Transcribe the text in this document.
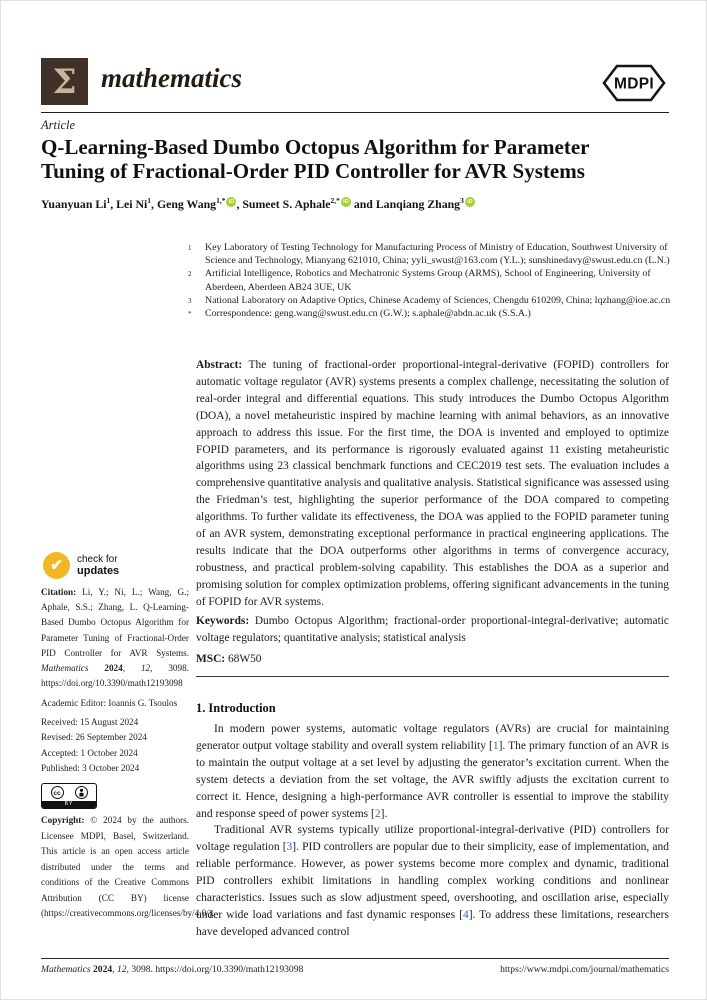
Σ mathematics	MDPI
Article
Q-Learning-Based Dumbo Octopus Algorithm for Parameter
Tuning of Fractional-Order PID Controller for AVR Systems
Yuanyuan Li$^1$, Lei Ni$^1$, Geng Wang$^{1,*}$ iD , Sumeet S. Aphale$^{2,*}$ iD and Lanqiang Zhang$^3$ iD
1	Key Laboratory of Testing Technology for Manufacturing Process of Ministry of Education, Southwest University of Science and Technology, Mianyang 621010, China; yyli_swust@163.com (Y.L.); sunshinedavy@swust.edu.cn (L.N.)
2	Artificial Intelligence, Robotics and Mechatronic Systems Group (ARMS), School of Engineering, University of Aberdeen, Aberdeen AB24 3UE, UK
3	National Laboratory on Adaptive Optics, Chinese Academy of Sciences, Chengdu 610209, China; lqzhang@ioe.ac.cn
*	Correspondence: geng.wang@swust.edu.cn (G.W.); s.aphale@abdn.ac.uk (S.S.A.)
Abstract: The tuning of fractional-order proportional-integral-derivative (FOPID) controllers for automatic voltage regulator (AVR) systems presents a complex challenge, necessitating the solution of real-order integral and differential equations. This study introduces the Dumbo Octopus Algorithm (DOA), a novel metaheuristic inspired by machine learning with animal behaviors, as an innovative approach to address this issue. For the first time, the DOA is invented and employed to optimize FOPID parameters, and its performance is rigorously evaluated against 11 existing metaheuristic algorithms using 23 classical benchmark functions and CEC2019 test sets. The evaluation includes a comprehensive quantitative analysis and qualitative analysis. Statistical significance was assessed using the Friedman’s test, highlighting the superior performance of the DOA compared to competing algorithms. To further validate its effectiveness, the DOA was applied to the FOPID parameter tuning of an AVR system, demonstrating exceptional performance in practical engineering applications. The results indicate that the DOA outperforms other algorithms in terms of convergence accuracy, robustness, and practical problem-solving capability. This establishes the DOA as a superior and promising solution for complex optimization problems, offering significant advancements in the tuning of FOPID for AVR systems.
Keywords: Dumbo Octopus Algorithm; fractional-order proportional-integral-derivative; automatic voltage regulators; quantitative analysis; statistical analysis
MSC: 68W50
✔	check for
updates
Citation: Li, Y.; Ni, L.; Wang, G.; Aphale, S.S.; Zhang, L. Q-Learning-Based Dumbo Octopus Algorithm for Parameter Tuning of Fractional-Order PID Controller for AVR Systems. Mathematics 2024, 12, 3098. https://doi.org/10.3390/math12193098
Academic Editor: Ioannis G. Tsoulos
Received: 15 August 2024
Revised: 26 September 2024
Accepted: 1 October 2024
Published: 3 October 2024
cc
BY
Copyright: © 2024 by the authors. Licensee MDPI, Basel, Switzerland. This article is an open access article distributed under the terms and conditions of the Creative Commons Attribution (CC BY) license (https://creativecommons.org/licenses/by/4.0/).
1. Introduction

In modern power systems, automatic voltage regulators (AVRs) are crucial for maintaining generator output voltage stability and overall system reliability [1]. The primary function of an AVR is to maintain the output voltage at a set level by adjusting the generator’s excitation current. When the system detects a deviation from the set voltage, the AVR swiftly adjusts the excitation current to correct it. Hence, designing a high-performance AVR controller is essential to improve the stability and response speed of power systems [2].

Traditional AVR systems typically utilize proportional-integral-derivative (PID) controllers for voltage regulation [3]. PID controllers are popular due to their simplicity, ease of implementation, and reliable performance. However, as power systems become more complex and dynamic, traditional PID controllers exhibit limitations in handling complex working conditions and nonlinear characteristics. Issues such as slow adjustment speed, overshooting, and oscillation arise, especially under wide load variations and fast dynamic responses [4]. To address these limitations, researchers have developed advanced control

Mathematics 2024, 12, 3098. https://doi.org/10.3390/math12193098	https://www.mdpi.com/journal/mathematics
